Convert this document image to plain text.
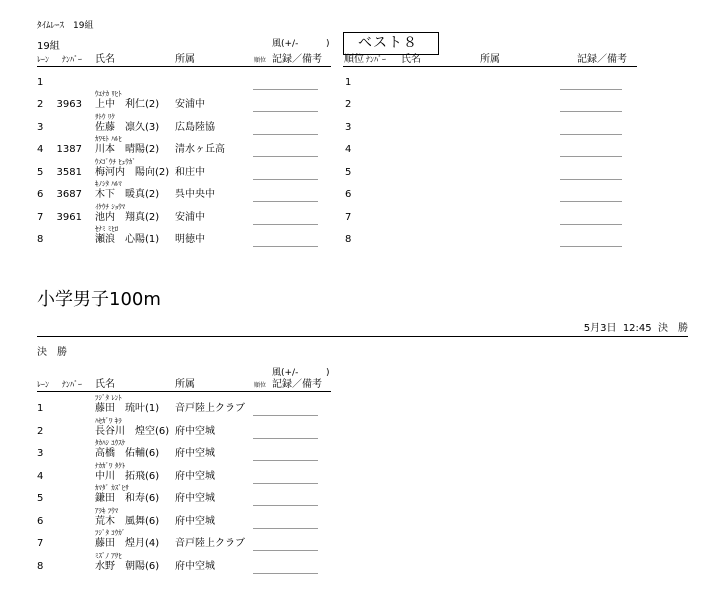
ﾀｲﾑﾚｰｽ　19組
19組	風(+/-	) ベスト８
ﾚｰﾝ ﾅﾝﾊﾞｰ 氏名	所属	順位 記録／備考 順位 ﾅﾝﾊﾞｰ 氏名	所属	記録／備考
1
ｳｴﾅｶ ﾘﾋﾄ
2	3963 上中　利仁(2) 安浦中
ｻﾄｳ ﾘｸ
3	佐藤　凛久(3) 広島陸協
ｶﾜﾓﾄ ﾊﾙﾋ
4	1387 川本　晴陽(2) 清水ヶ丘高
ｳﾒｺﾞｳﾁ ﾋｭｳｶﾞ
5	3581 梅河内　陽向(2) 和庄中
ｷﾉｼﾀ ﾊﾙﾏ
6	3687 木下　暖真(2) 呉中央中
ｲｹｳﾁ ｼｮｳﾏ
7	3961 池内　翔真(2) 安浦中
ｾﾅﾐ ﾐﾋﾛ
8	瀬浪　心陽(1) 明徳中
1
2
3
4
5
6
7
8
小学男子100m
5月3日  12:45  決　勝
決　勝
風(+/-	)
ﾚｰﾝ ﾅﾝﾊﾞｰ 氏名	所属	順位 記録／備考
ﾌｼﾞﾀ ﾚﾝﾄ
1	藤田　琉叶(1) 音戸陸上クラブ
ﾊｾｶﾞﾜ ｷﾗ
2	長谷川　煌空(6) 府中空城
ﾀｶﾊｼ ﾕｳｽｹ
3	高橋　佑輔(6) 府中空城
ﾅｶｶﾞﾜ ﾀｸﾄ
4	中川　拓飛(6) 府中空城
ｶﾏﾀﾞ ｶｽﾞﾋｻ
5	鎌田　和寿(6) 府中空城
ｱﾗｷ ﾌｳﾏ
6	荒木　風舞(6) 府中空城
ﾌｼﾞﾀ ｺｳｶﾞ
7	藤田　煌月(4) 音戸陸上クラブ
ﾐｽﾞﾉ ｱｻﾋ
8	水野　朝陽(6) 府中空城
